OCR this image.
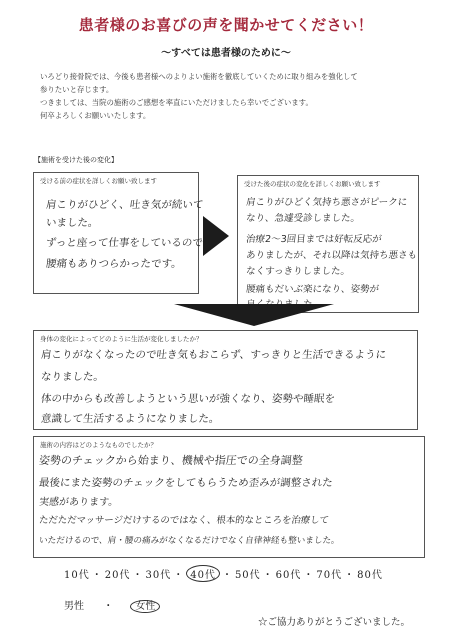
患者様のお喜びの声を聞かせてください！
～すべては患者様のために～
いろどり接骨院では、今後も患者様へのよりよい施術を徹底していくために取り組みを強化して
参りたいと存じます。
つきましては、当院の施術のご感想を率直にいただけましたら幸いでございます。
何卒よろしくお願いいたします。
【施術を受けた後の変化】
受ける前の症状を詳しくお願い致します
肩こりがひどく、吐き気が続いて
いました。
ずっと座って仕事をしているので
腰痛もありつらかったです。
受けた後の症状の変化を詳しくお願い致します
肩こりがひどく気持ち悪さがピークに
なり、急遽受診しました。
治療2～3回目までは好転反応が
ありましたが、それ以降は気持ち悪さも
なくすっきりしました。
腰痛もだいぶ楽になり、姿勢が
良くなりました。
身体の変化によってどのように生活が変化しましたか？
肩こりがなくなったので吐き気もおこらず、すっきりと生活できるように
なりました。
体の中からも改善しようという思いが強くなり、姿勢や睡眠を
意識して生活するようになりました。
施術の内容はどのようなものでしたか？
姿勢のチェックから始まり、機械や指圧での全身調整
最後にまた姿勢のチェックをしてもらうため歪みが調整された
実感があります。
ただただマッサージだけするのではなく、根本的なところを治療して
いただけるので、肩・腰の痛みがなくなるだけでなく自律神経も整いました。
10代 ・ 20代 ・ 30代 ・ 40代 ・ 50代 ・ 60代 ・ 70代 ・ 80代
男性 ・ 女性
☆ご協力ありがとうございました。
